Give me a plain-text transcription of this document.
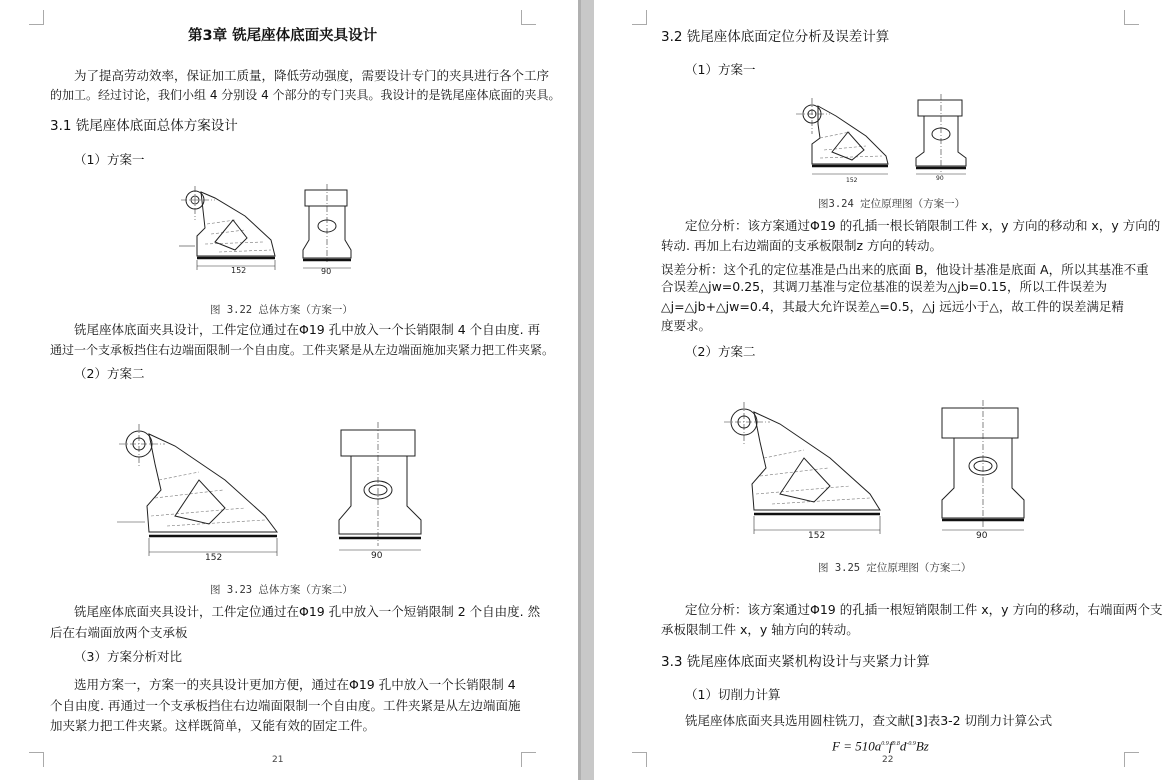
第3章 铣尾座体底面夹具设计
为了提高劳动效率，保证加工质量，降低劳动强度，需要设计专门的夹具进行各个工序
的加工。经过讨论，我们小组 4 分别设 4 个部分的专门夹具。我设计的是铣尾座体底面的夹具。
3.1 铣尾座体底面总体方案设计
（1）方案一
152	90
图 3.22 总体方案（方案一）
铣尾座体底面夹具设计，工件定位通过在Φ19 孔中放入一个长销限制 4 个自由度. 再
通过一个支承板挡住右边端面限制一个自由度。工件夹紧是从左边端面施加夹紧力把工件夹紧。
（2）方案二
152	90
图 3.23 总体方案（方案二）
铣尾座体底面夹具设计，工件定位通过在Φ19 孔中放入一个短销限制 2 个自由度. 然
后在右端面放两个支承板
（3）方案分析对比
选用方案一，方案一的夹具设计更加方便，通过在Φ19 孔中放入一个长销限制 4
个自由度. 再通过一个支承板挡住右边端面限制一个自由度。工件夹紧是从左边端面施
加夹紧力把工件夹紧。这样既简单，又能有效的固定工件。
21
3.2 铣尾座体底面定位分析及误差计算
（1）方案一
152	90
图3.24 定位原理图（方案一）
定位分析：该方案通过Φ19 的孔插一根长销限制工件 x，y 方向的移动和 x，y 方向的
转动. 再加上右边端面的支承板限制z 方向的转动。
误差分析：这个孔的定位基准是凸出来的底面 B，他设计基准是底面 A，所以其基准不重
合误差△jw=0.25，其调刀基准与定位基准的误差为△jb=0.15，所以工件误差为
△j=△jb+△jw=0.4，其最大允许误差△=0.5，△j 远远小于△，故工件的误差满足精
度要求。
（2）方案二
152	90
图 3.25 定位原理图（方案二）
定位分析：该方案通过Φ19 的孔插一根短销限制工件 x，y 方向的移动，右端面两个支
承板限制工件 x，y 轴方向的转动。
3.3 铣尾座体底面夹紧机构设计与夹紧力计算
（1）切削力计算
铣尾座体底面夹具选用圆柱铣刀，查文献[3]表3-2 切削力计算公式
$F = 510a^{0.9}f^{0.8}d^{-0.9}Bz$
22
